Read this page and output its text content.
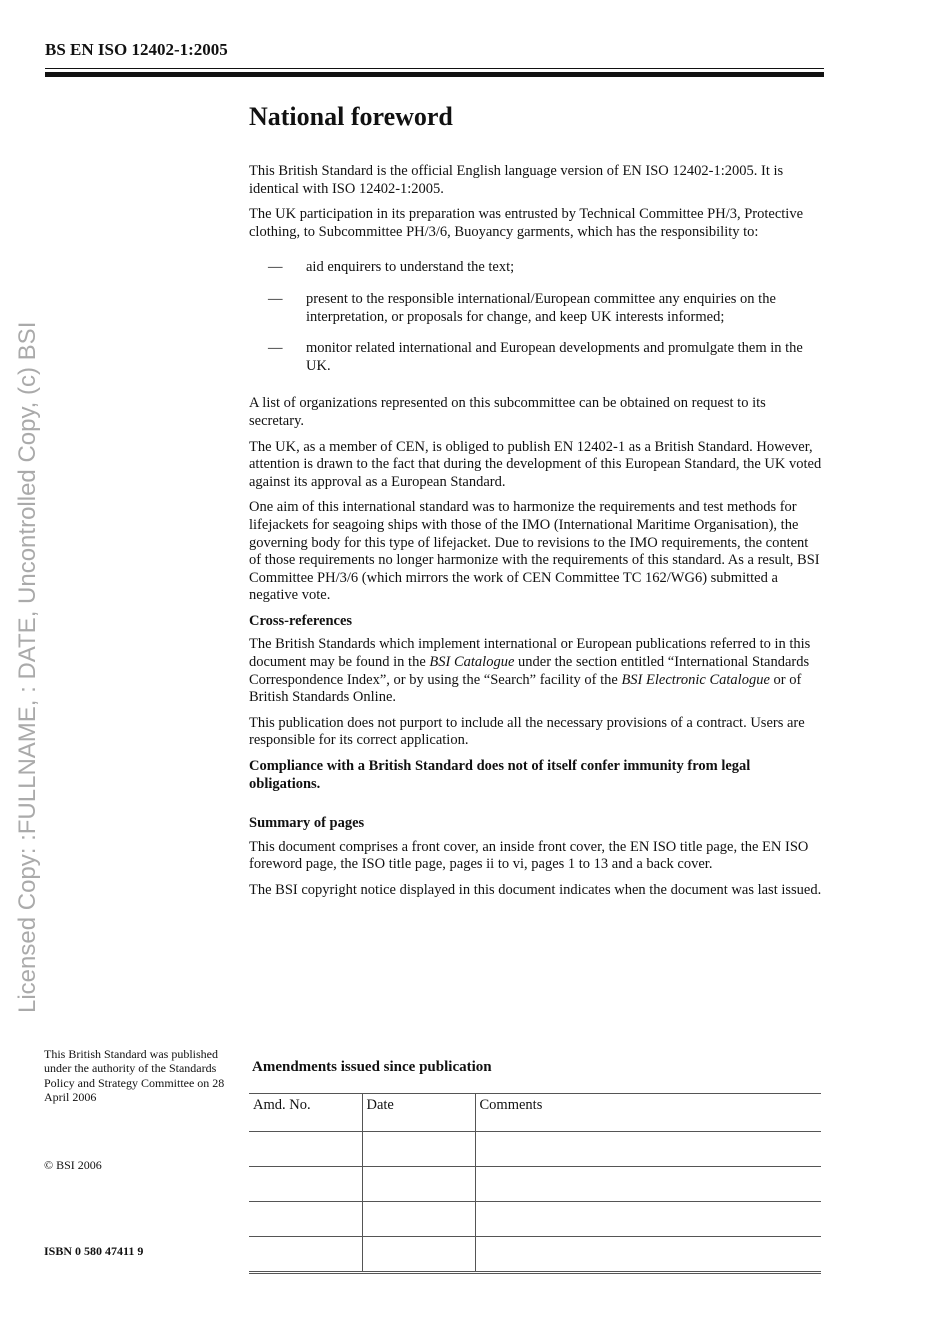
BS EN ISO 12402-1:2005
National foreword

This British Standard is the official English language version of EN ISO 12402-1:2005. It is identical with ISO 12402-1:2005.

The UK participation in its preparation was entrusted by Technical Committee PH/3, Protective clothing, to Subcommittee PH/3/6, Buoyancy garments, which has the responsibility to:

— aid enquirers to understand the text;
— present to the responsible international/European committee any enquiries on the interpretation, or proposals for change, and keep UK interests informed;
— monitor related international and European developments and promulgate them in the UK.

A list of organizations represented on this subcommittee can be obtained on request to its secretary.

The UK, as a member of CEN, is obliged to publish EN 12402-1 as a British Standard. However, attention is drawn to the fact that during the development of this European Standard, the UK voted against its approval as a European Standard.

One aim of this international standard was to harmonize the requirements and test methods for lifejackets for seagoing ships with those of the IMO (International Maritime Organisation), the governing body for this type of lifejacket. Due to revisions to the IMO requirements, the content of those requirements no longer harmonize with the requirements of this standard. As a result, BSI Committee PH/3/6 (which mirrors the work of CEN Committee TC 162/WG6) submitted a negative vote.

Cross-references

The British Standards which implement international or European publications referred to in this document may be found in the BSI Catalogue under the section entitled “International Standards Correspondence Index”, or by using the “Search” facility of the BSI Electronic Catalogue or of British Standards Online.

This publication does not purport to include all the necessary provisions of a contract. Users are responsible for its correct application.

Compliance with a British Standard does not of itself confer immunity from legal obligations.

Summary of pages

This document comprises a front cover, an inside front cover, the EN ISO title page, the EN ISO foreword page, the ISO title page, pages ii to vi, pages 1 to 13 and a back cover.

The BSI copyright notice displayed in this document indicates when the document was last issued.

This British Standard was published under the authority of the Standards Policy and Strategy Committee on 28 April 2006
© BSI 2006
ISBN 0 580 47411 9
Amendments issued since publication
Amd. No.	Date	Comments

Licensed Copy: :FULLNAME, : DATE, Uncontrolled Copy, (c) BSI
